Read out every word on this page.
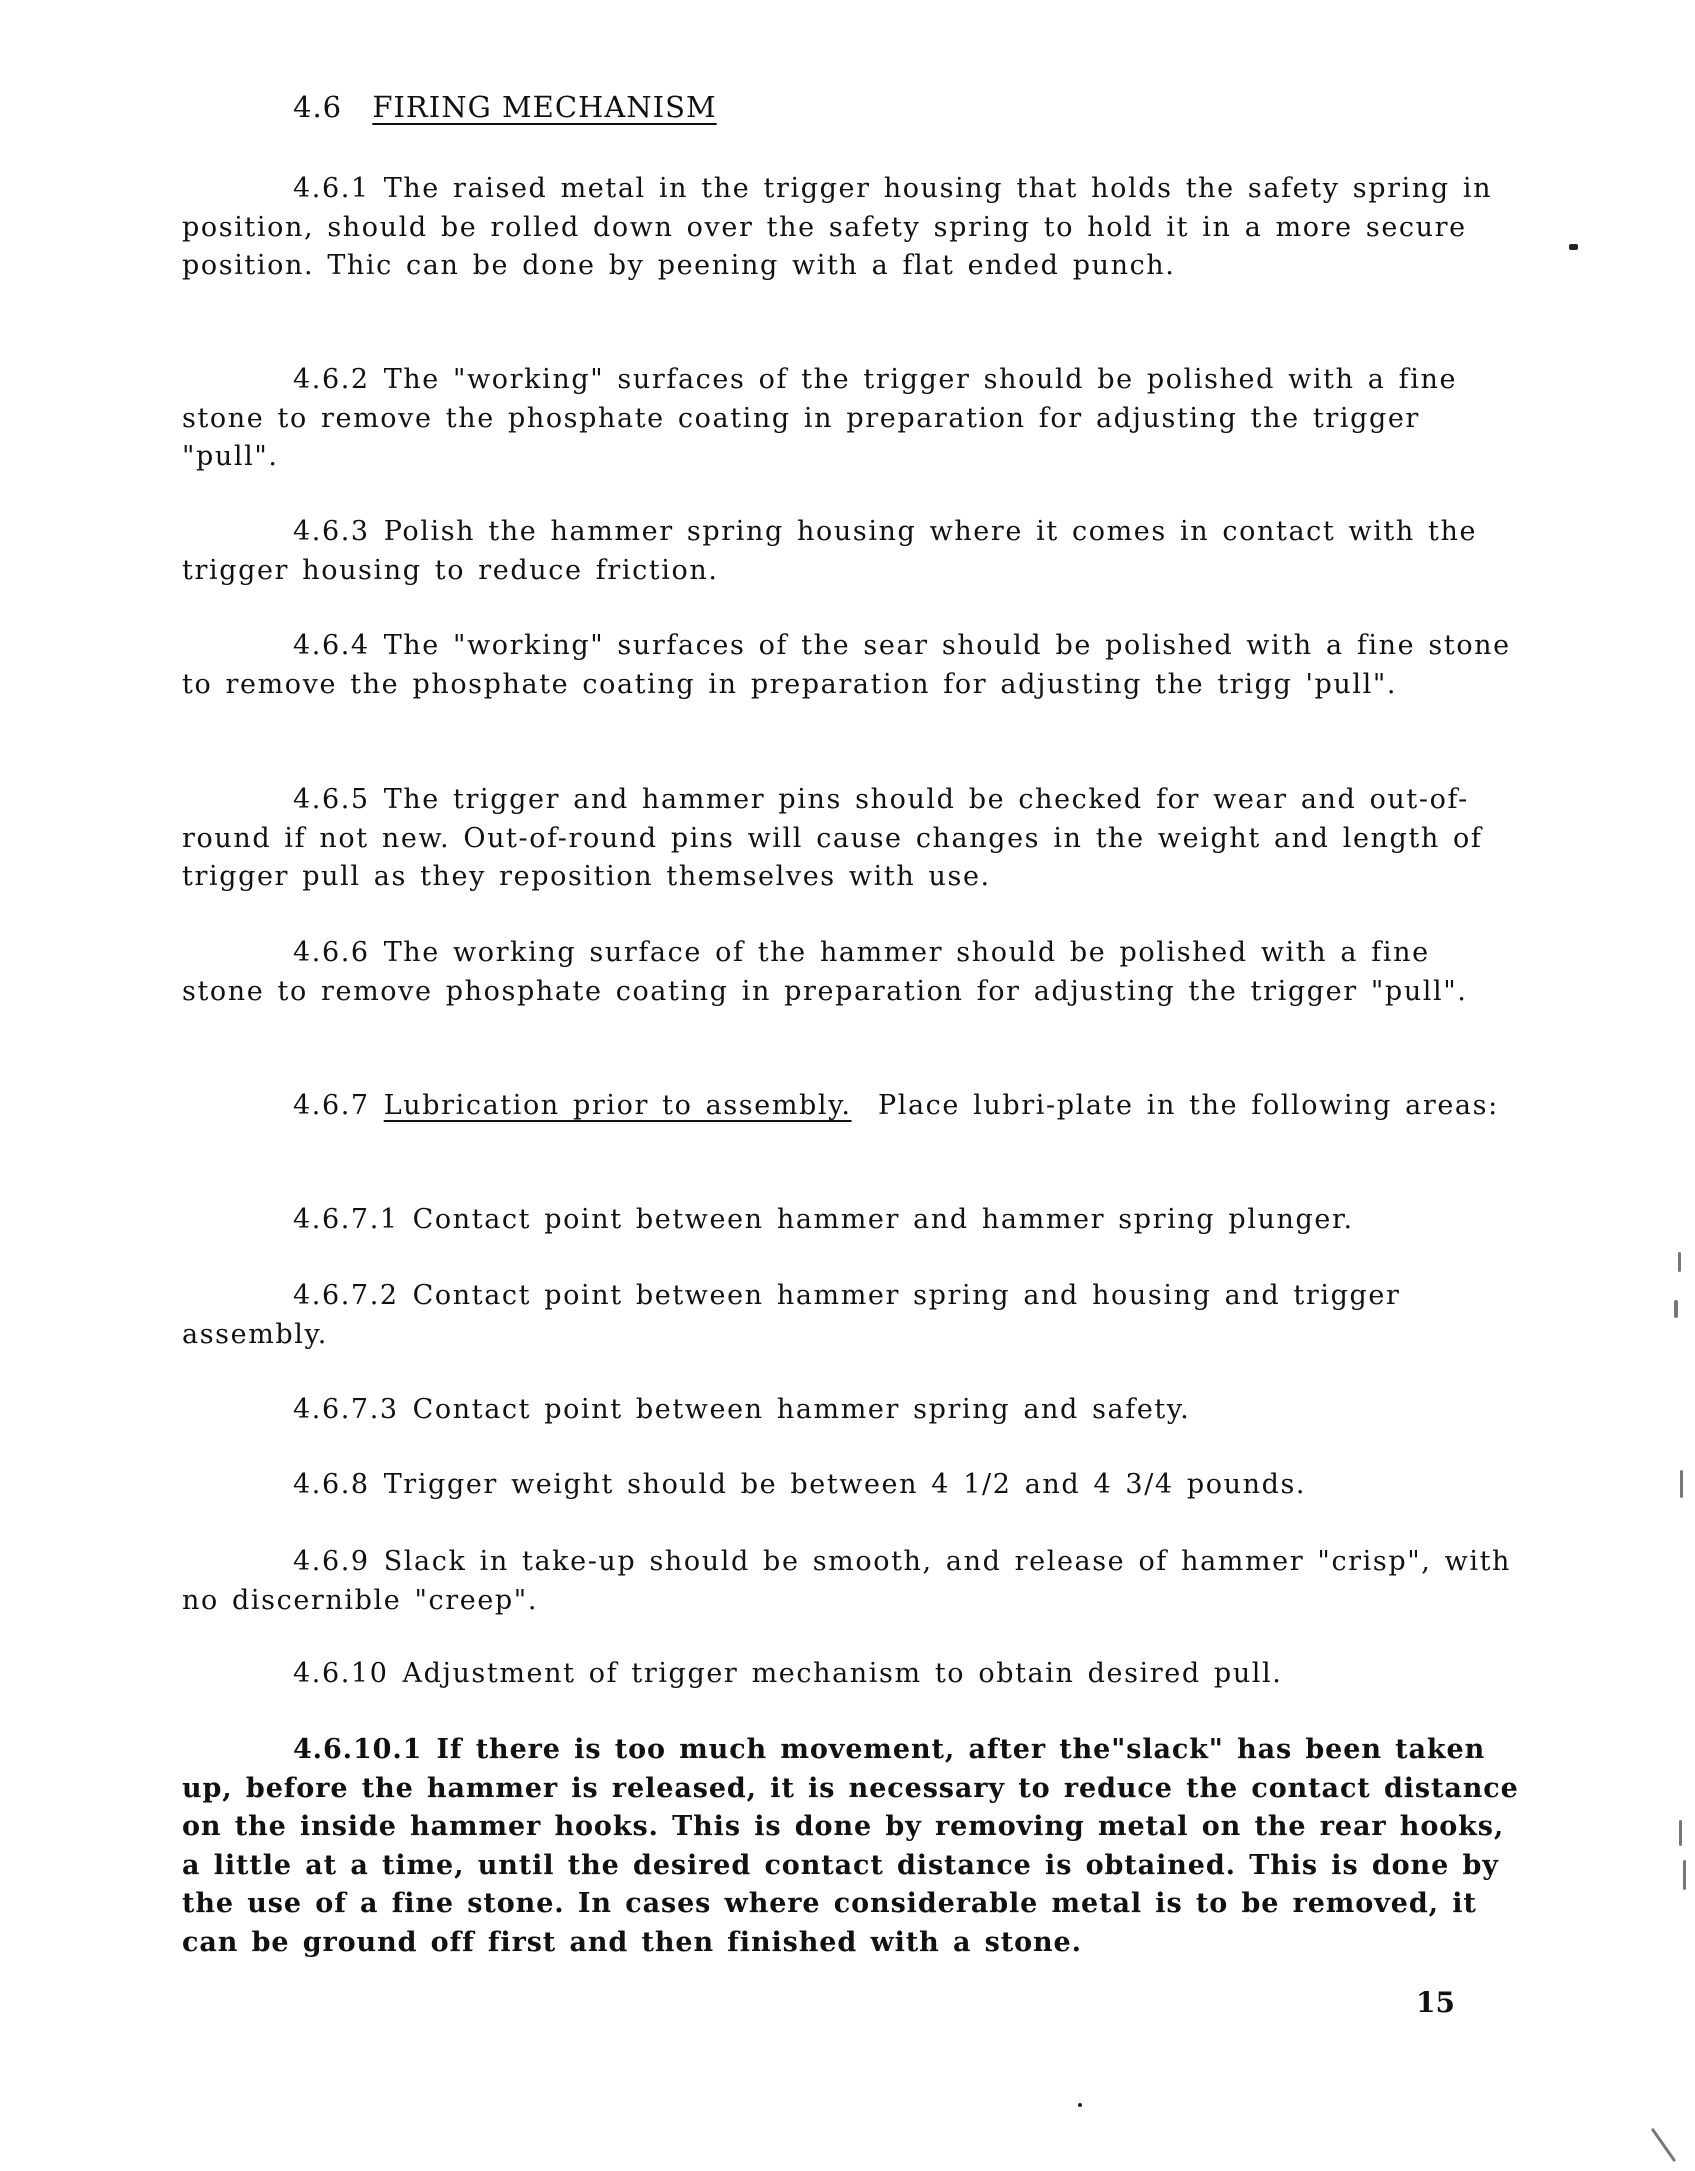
4.6 FIRING MECHANISM

4.6.1 The raised metal in the trigger housing that holds the safety spring in position, should be rolled down over the safety spring to hold it in a more secure position. Thic can be done by peening with a flat ended punch.

4.6.2 The "working" surfaces of the trigger should be polished with a fine stone to remove the phosphate coating in preparation for adjusting the trigger "pull".

4.6.3 Polish the hammer spring housing where it comes in contact with the trigger housing to reduce friction.

4.6.4 The "working" surfaces of the sear should be polished with a fine stone to remove the phosphate coating in preparation for adjusting the trigg 'pull".

4.6.5 The trigger and hammer pins should be checked for wear and out-of-round if not new. Out-of-round pins will cause changes in the weight and length of trigger pull as they reposition themselves with use.

4.6.6 The working surface of the hammer should be polished with a fine stone to remove phosphate coating in preparation for adjusting the trigger "pull".

4.6.7 Lubrication prior to assembly. Place lubri-plate in the following areas:

4.6.7.1 Contact point between hammer and hammer spring plunger.

4.6.7.2 Contact point between hammer spring and housing and trigger assembly.

4.6.7.3 Contact point between hammer spring and safety.

4.6.8 Trigger weight should be between 4 1/2 and 4 3/4 pounds.

4.6.9 Slack in take-up should be smooth, and release of hammer "crisp", with no discernible "creep".

4.6.10 Adjustment of trigger mechanism to obtain desired pull.

4.6.10.1 If there is too much movement, after the"slack" has been taken up, before the hammer is released, it is necessary to reduce the contact distance on the inside hammer hooks. This is done by removing metal on the rear hooks, a little at a time, until the desired contact distance is obtained. This is done by the use of a fine stone. In cases where considerable metal is to be removed, it can be ground off first and then finished with a stone.

15
